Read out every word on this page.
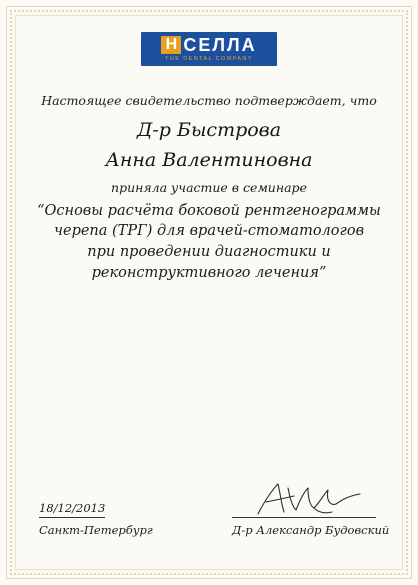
Н СЕЛЛА
THE DENTAL COMPANY
Настоящее свидетельство подтверждает, что
Д-р Быстрова
Анна Валентиновна
приняла участие в семинаре
“Основы расчёта боковой рентгенограммы
черепа (ТРГ) для врачей-стоматологов
при проведении диагностики и
реконструктивного лечения”
18/12/2013
Санкт-Петербург	Д-р Александр Будовский
